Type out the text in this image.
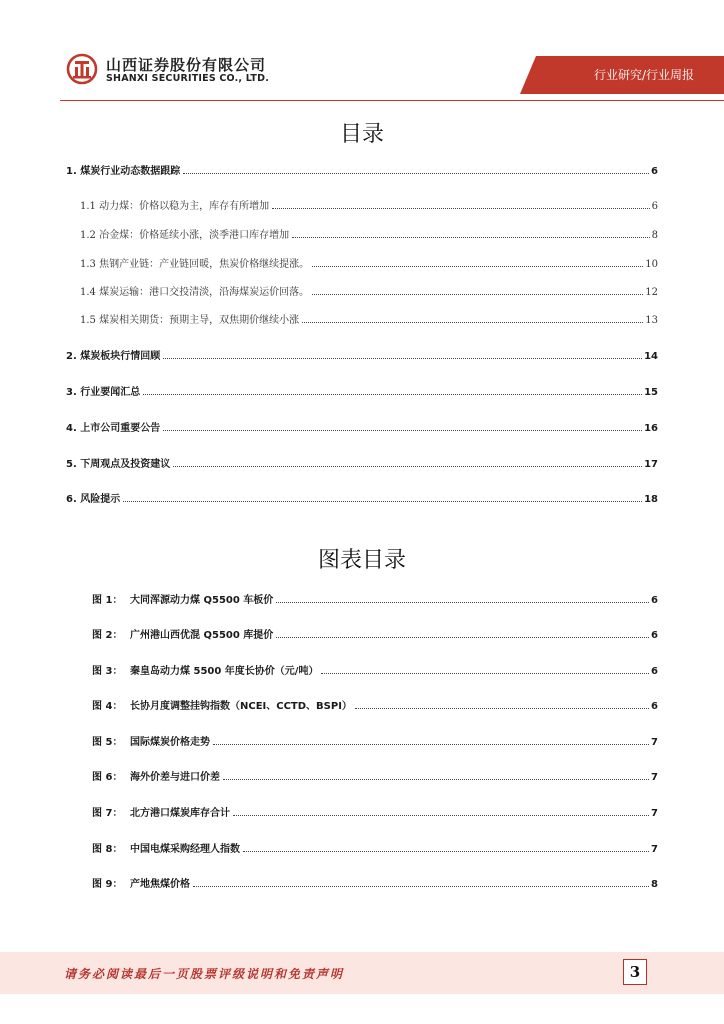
山西证券股份有限公司
SHANXI SECURITIES CO., LTD.	行业研究/行业周报
目录
1. 煤炭行业动态数据跟踪	6
1.1 动力煤：价格以稳为主，库存有所增加	6
1.2 冶金煤：价格延续小涨，淡季港口库存增加	8
1.3 焦钢产业链：产业链回暖，焦炭价格继续提涨。	10
1.4 煤炭运输：港口交投清淡，沿海煤炭运价回落。	12
1.5 煤炭相关期货：预期主导，双焦期价继续小涨	13
2. 煤炭板块行情回顾	14
3. 行业要闻汇总	15
4. 上市公司重要公告	16
5. 下周观点及投资建议	17
6. 风险提示	18
图表目录
图 1： 大同浑源动力煤 Q5500 车板价	6
图 2： 广州港山西优混 Q5500 库提价	6
图 3： 秦皇岛动力煤 5500 年度长协价（元/吨）	6
图 4： 长协月度调整挂钩指数（NCEI、CCTD、BSPI）	6
图 5： 国际煤炭价格走势	7
图 6： 海外价差与进口价差	7
图 7： 北方港口煤炭库存合计	7
图 8： 中国电煤采购经理人指数	7
图 9： 产地焦煤价格	8
请务必阅读最后一页股票评级说明和免责声明	3
